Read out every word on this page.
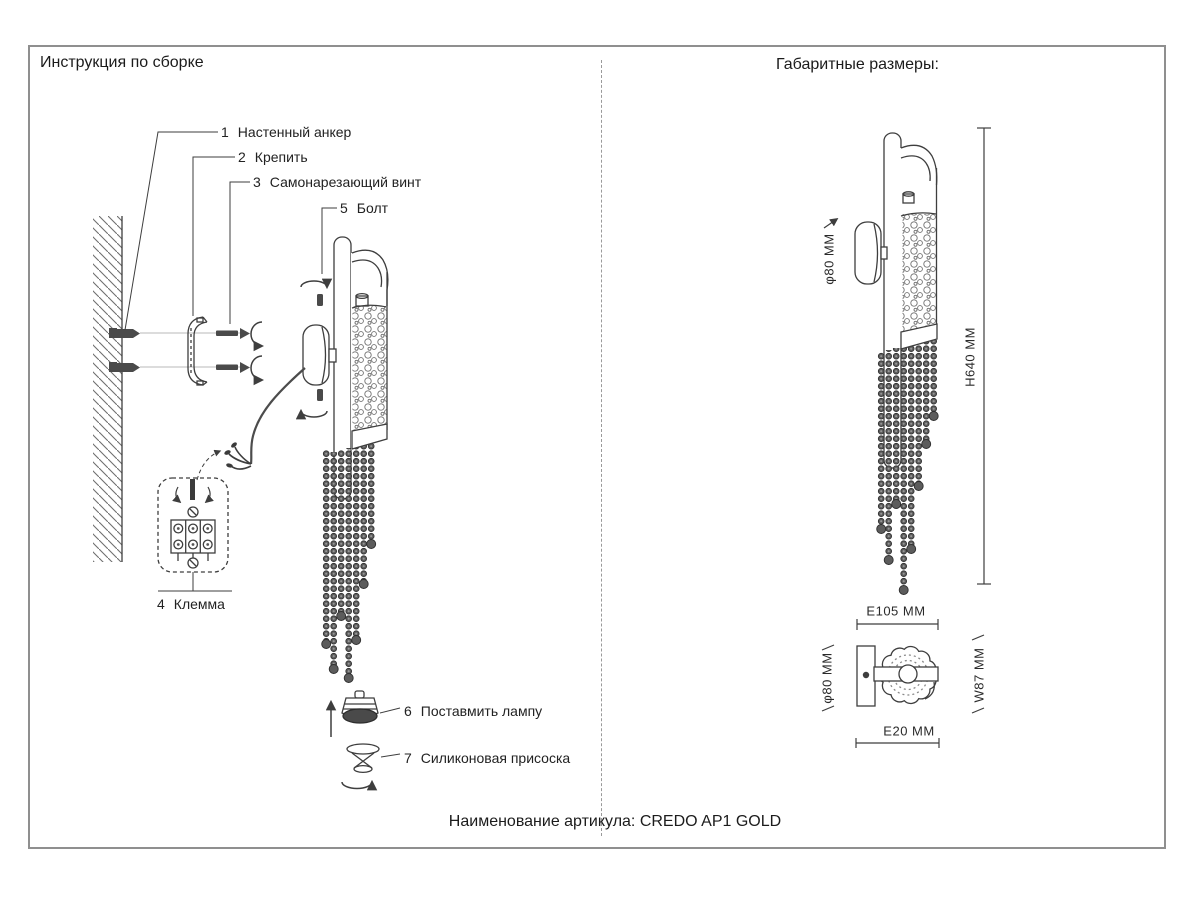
Инструкция по сборке	Габаритные размеры:
1 Настенный анкер
2 Крепить
3 Самонарезающий винт
5 Болт
4 Клемма
6 Поставмить лампу
7 Силиконовая присоска
φ80 MM
H640 MM
E105 MM
φ80 MM	W87 MM
E20 MM
Наименование артикула: CREDO AP1 GOLD
